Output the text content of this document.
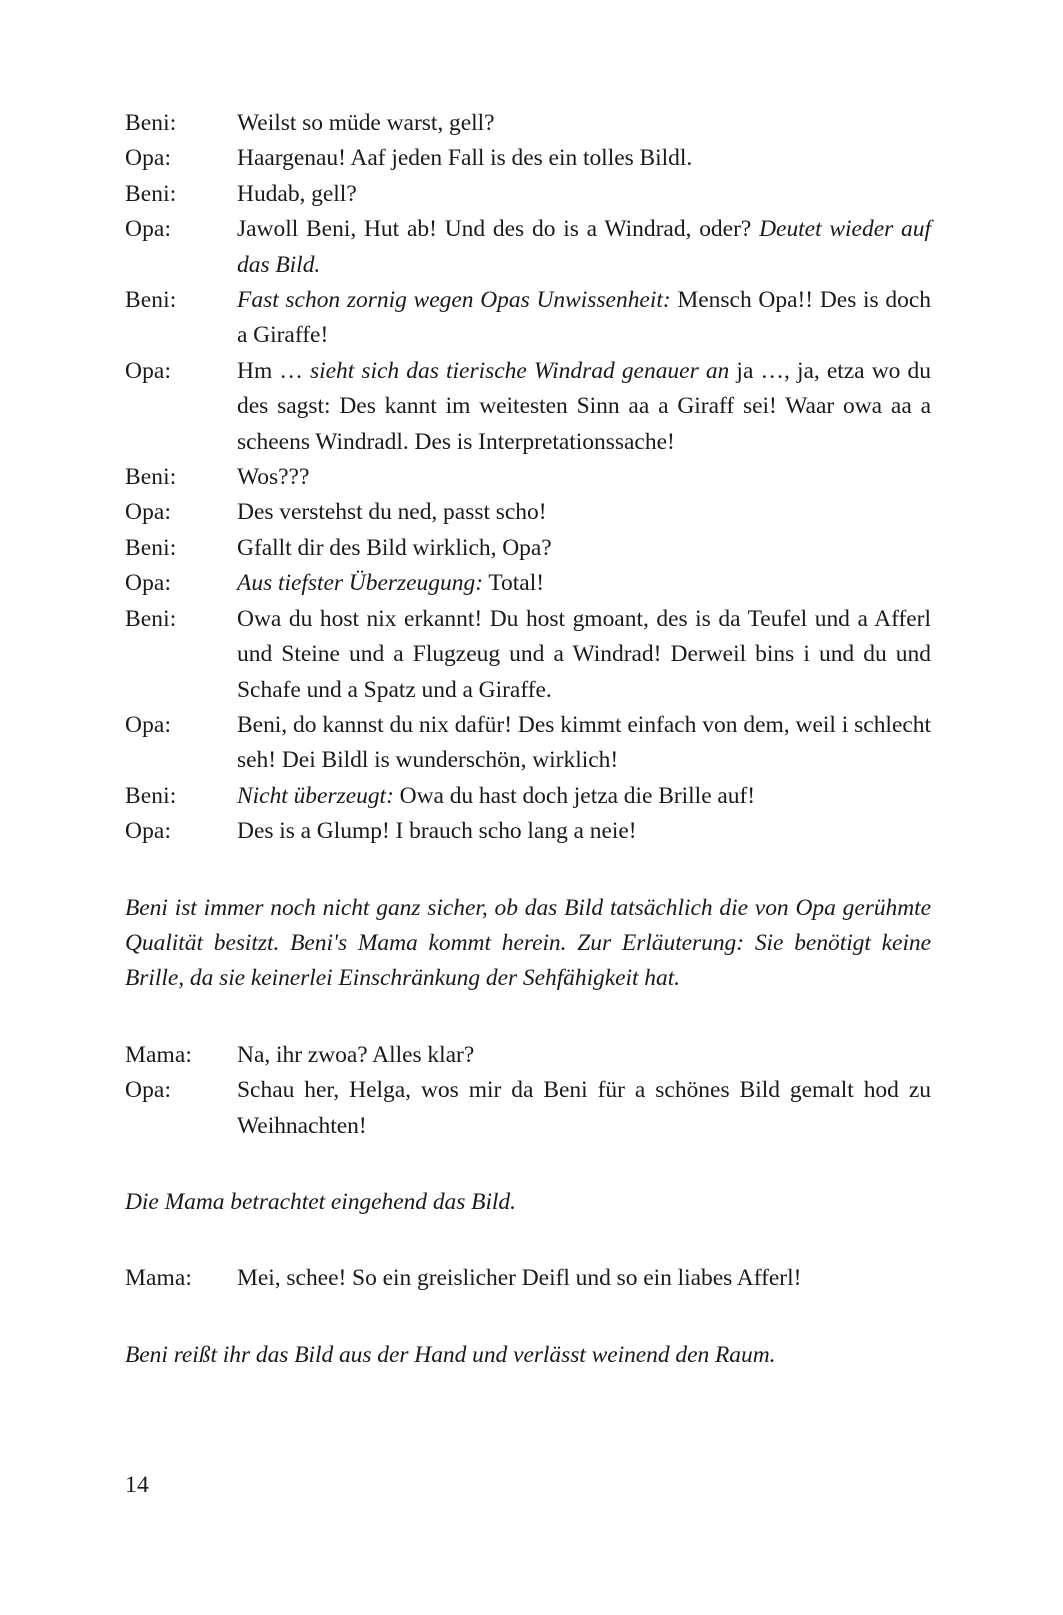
Beni:	Weilst so müde warst, gell?
Opa:	Haargenau! Aaf jeden Fall is des ein tolles Bildl.
Beni:	Hudab, gell?
Opa:	Jawoll Beni, Hut ab! Und des do is a Windrad, oder? Deutet wieder auf das Bild.
Beni:	Fast schon zornig wegen Opas Unwissenheit: Mensch Opa!! Des is doch a Giraffe!
Opa:	Hm … sieht sich das tierische Windrad genauer an ja …, ja, etza wo du des sagst: Des kannt im weitesten Sinn aa a Giraff sei! Waar owa aa a scheens Windradl. Des is Interpretationssache!
Beni:	Wos???
Opa:	Des verstehst du ned, passt scho!
Beni:	Gfallt dir des Bild wirklich, Opa?
Opa:	Aus tiefster Überzeugung: Total!
Beni:	Owa du host nix erkannt! Du host gmoant, des is da Teufel und a Afferl und Steine und a Flugzeug und a Windrad! Derweil bins i und du und Schafe und a Spatz und a Giraffe.
Opa:	Beni, do kannst du nix dafür! Des kimmt einfach von dem, weil i schlecht seh! Dei Bildl is wunderschön, wirklich!
Beni:	Nicht überzeugt: Owa du hast doch jetza die Brille auf!
Opa:	Des is a Glump! I brauch scho lang a neie!
Beni ist immer noch nicht ganz sicher, ob das Bild tatsächlich die von Opa gerühmte Qualität besitzt. Beni's Mama kommt herein. Zur Erläuterung: Sie benötigt keine Brille, da sie keinerlei Einschränkung der Sehfähigkeit hat.
Mama:	Na, ihr zwoa? Alles klar?
Opa:	Schau her, Helga, wos mir da Beni für a schönes Bild gemalt hod zu Weihnachten!
Die Mama betrachtet eingehend das Bild.
Mama:	Mei, schee! So ein greislicher Deifl und so ein liabes Afferl!
Beni reißt ihr das Bild aus der Hand und verlässt weinend den Raum.
14
